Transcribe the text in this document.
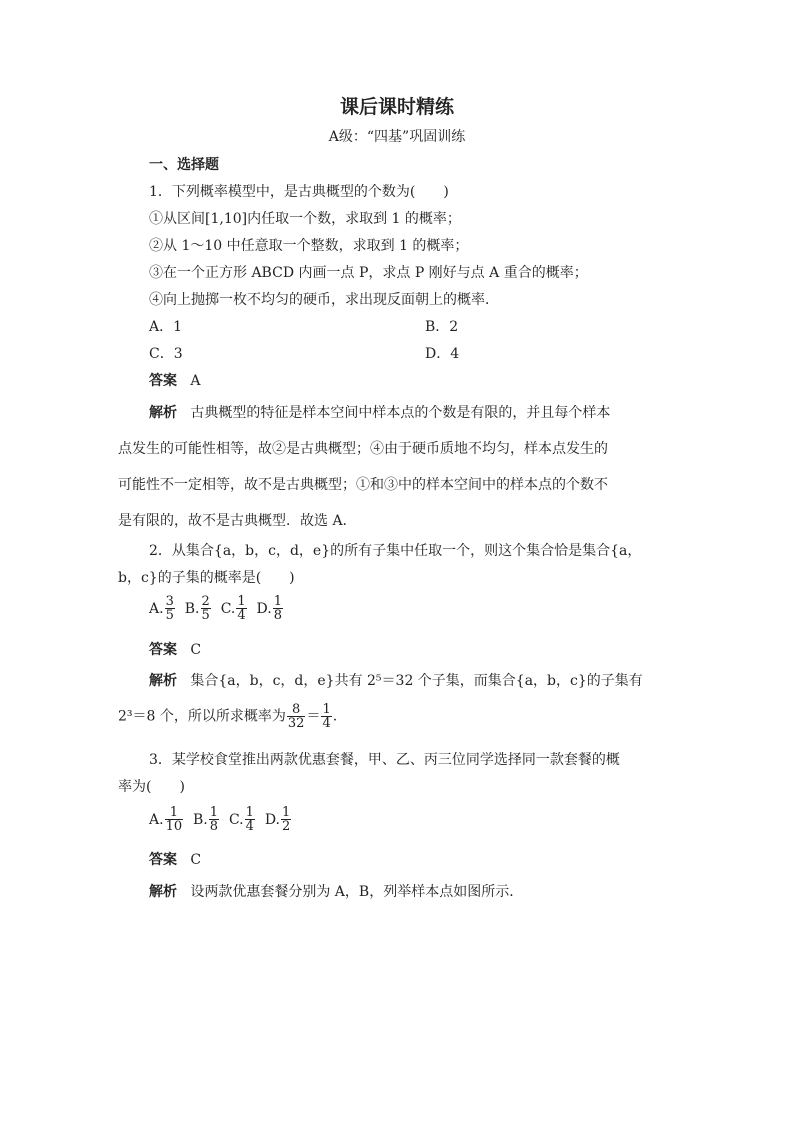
课后课时精练
A级：“四基”巩固训练
一、选择题
1．下列概率模型中，是古典概型的个数为(　　)
①从区间[1,10]内任取一个数，求取到 1 的概率；
②从 1～10 中任意取一个整数，求取到 1 的概率；
③在一个正方形 ABCD 内画一点 P，求点 P 刚好与点 A 重合的概率；
④向上抛掷一枚不均匀的硬币，求出现反面朝上的概率．
A．1	B．2
C．3	D．4
答案 A
解析 古典概型的特征是样本空间中样本点的个数是有限的，并且每个样本
点发生的可能性相等，故②是古典概型；④由于硬币质地不均匀，样本点发生的
可能性不一定相等，故不是古典概型；①和③中的样本空间中的样本点的个数不
是有限的，故不是古典概型．故选 A.
2．从集合{a，b，c，d，e}的所有子集中任取一个，则这个集合恰是集合{a，
b，c}的子集的概率是(　　)
A. $\frac{3}{5} B$. $\frac{2}{5} C$. $\frac{1}{4} D$. $\frac{1}{8}$
答案 C
解析 集合{a，b，c，d，e}共有 2⁵＝32 个子集，而集合{a，b，c}的子集有
2³＝8 个，所以所求概率为 $\frac{8}{32} = \frac{1}{4}$ .
3．某学校食堂推出两款优惠套餐，甲、乙、丙三位同学选择同一款套餐的概
率为(　　)
A. $\frac{1}{10} B$. $\frac{1}{8} C$. $\frac{1}{4} D$. $\frac{1}{2}$
答案 C
解析 设两款优惠套餐分别为 A，B，列举样本点如图所示．
